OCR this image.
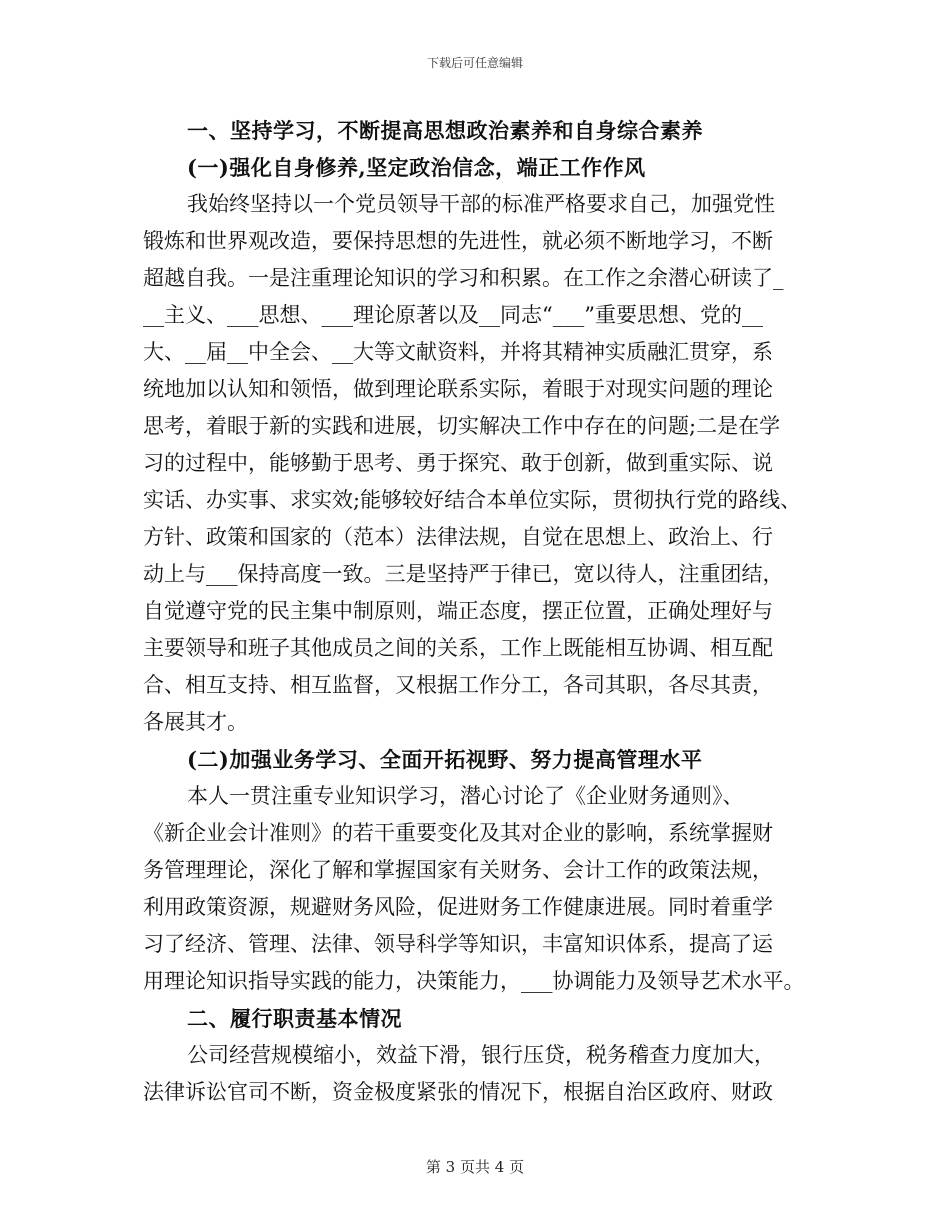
下载后可任意编辑
一、坚持学习，不断提高思想政治素养和自身综合素养
(一)强化自身修养,坚定政治信念，端正工作作风
我始终坚持以一个党员领导干部的标准严格要求自己，加强党性
锻炼和世界观改造，要保持思想的先进性，就必须不断地学习，不断
超越自我。一是注重理论知识的学习和积累。在工作之余潜心研读了_
__主义、___思想、___理论原著以及__同志“___”重要思想、党的__
大、__届__中全会、__大等文献资料，并将其精神实质融汇贯穿，系
统地加以认知和领悟，做到理论联系实际，着眼于对现实问题的理论
思考，着眼于新的实践和进展，切实解决工作中存在的问题;二是在学
习的过程中，能够勤于思考、勇于探究、敢于创新，做到重实际、说
实话、办实事、求实效;能够较好结合本单位实际，贯彻执行党的路线、
方针、政策和国家的（范本）法律法规，自觉在思想上、政治上、行
动上与___保持高度一致。三是坚持严于律已，宽以待人，注重团结，
自觉遵守党的民主集中制原则，端正态度，摆正位置，正确处理好与
主要领导和班子其他成员之间的关系，工作上既能相互协调、相互配
合、相互支持、相互监督，又根据工作分工，各司其职，各尽其责，
各展其才。
(二)加强业务学习、全面开拓视野、努力提高管理水平
本人一贯注重专业知识学习，潜心讨论了《企业财务通则》、
《新企业会计准则》的若干重要变化及其对企业的影响，系统掌握财
务管理理论，深化了解和掌握国家有关财务、会计工作的政策法规，
利用政策资源，规避财务风险，促进财务工作健康进展。同时着重学
习了经济、管理、法律、领导科学等知识，丰富知识体系，提高了运
用理论知识指导实践的能力，决策能力，___协调能力及领导艺术水平。
二、履行职责基本情况
公司经营规模缩小，效益下滑，银行压贷，税务稽查力度加大，
法律诉讼官司不断，资金极度紧张的情况下，根据自治区政府、财政
第 3 页共 4 页
